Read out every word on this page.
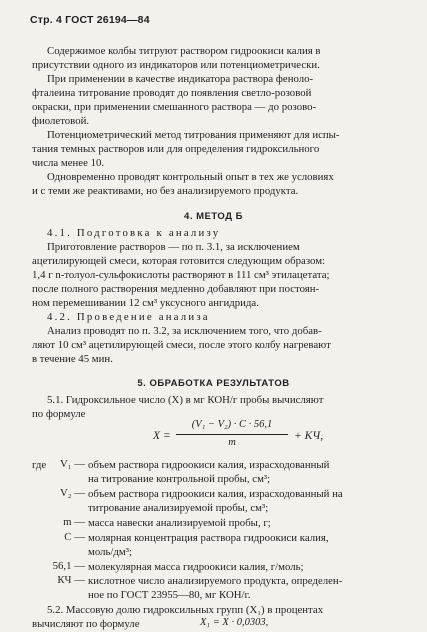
Стр. 4 ГОСТ 26194—84
Содержимое колбы титруют раствором гидроокиси калия в
присутствии одного из индикаторов или потенциометрически.
При применении в качестве индикатора раствора феноло-
фталеина титрование проводят до появления светло-розовой
окраски, при применении смешанного раствора — до розово-
фиолетовой.
Потенциометрический метод титрования применяют для испы-
тания темных растворов или для определения гидроксильного
числа менее 10.
Одновременно проводят контрольный опыт в тех же условиях
и с теми же реактивами, но без анализируемого продукта.
4. МЕТОД Б
4.1. Подготовка к анализу
Приготовление растворов — по п. 3.1, за исключением
ацетилирующей смеси, которая готовится следующим образом:
1,4 г n-толуол-сульфокислоты растворяют в 111 см³ этилацетата;
после полного растворения медленно добавляют при постоян-
ном перемешивании 12 см³ уксусного ангидрида.
4.2. Проведение анализа
Анализ проводят по п. 3.2, за исключением того, что добав-
ляют 10 см³ ацетилирующей смеси, после этого колбу нагревают
в течение 45 мин.
5. ОБРАБОТКА РЕЗУЛЬТАТОВ
5.1. Гидроксильное число (X) в мг КОН/г пробы вычисляют
по формуле
X =
(V₁ − V₂) · C · 56,1
m
+ КЧ,
где	V₁ — объем раствора гидроокиси калия, израсходованный
на титрование контрольной пробы, см³;
V₂ — объем раствора гидроокиси калия, израсходованный на
титрование анализируемой пробы, см³;
m — масса навески анализируемой пробы, г;
C — молярная концентрация раствора гидроокиси калия,
моль/дм³;
56,1 — молекулярная масса гидроокиси калия, г/моль;
КЧ — кислотное число анализируемого продукта, определен-
ное по ГОСТ 23955—80, мг КОН/г.
5.2. Массовую долю гидроксильных групп (X₁) в процентах
вычисляют по формуле	X₁ = X · 0,0303,
